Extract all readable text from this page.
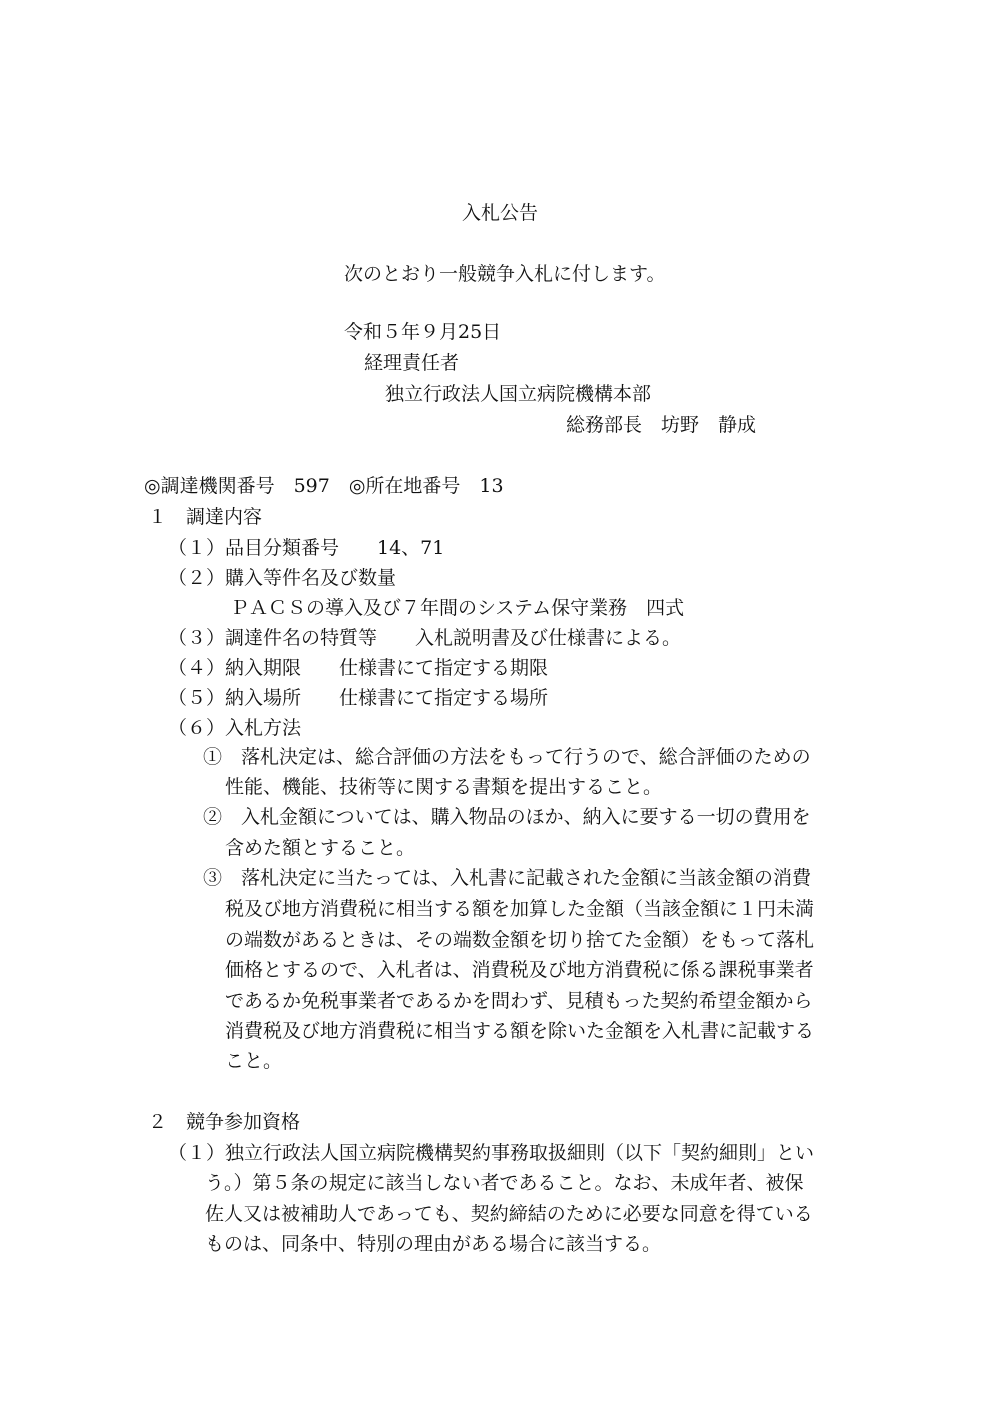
入札公告

次のとおり一般競争入札に付します。

令和５年９月25日

経理責任者

独立行政法人国立病院機構本部

総務部長　坊野　静成

◎調達機関番号　597　◎所在地番号　13

１　調達内容

（１）品目分類番号　　14、71

（２）購入等件名及び数量

ＰＡＣＳの導入及び７年間のシステム保守業務　四式

（３）調達件名の特質等　　入札説明書及び仕様書による。

（４）納入期限　　仕様書にて指定する期限

（５）納入場所　　仕様書にて指定する場所

（６）入札方法

①　落札決定は、総合評価の方法をもって行うので、総合評価のための

性能、機能、技術等に関する書類を提出すること。

②　入札金額については、購入物品のほか、納入に要する一切の費用を

含めた額とすること。

③　落札決定に当たっては、入札書に記載された金額に当該金額の消費

税及び地方消費税に相当する額を加算した金額（当該金額に１円未満

の端数があるときは、その端数金額を切り捨てた金額）をもって落札

価格とするので、入札者は、消費税及び地方消費税に係る課税事業者

であるか免税事業者であるかを問わず、見積もった契約希望金額から

消費税及び地方消費税に相当する額を除いた金額を入札書に記載する

こと。

２　競争参加資格

（１）独立行政法人国立病院機構契約事務取扱細則（以下「契約細則」とい

う。）第５条の規定に該当しない者であること。なお、未成年者、被保

佐人又は被補助人であっても、契約締結のために必要な同意を得ている

ものは、同条中、特別の理由がある場合に該当する。
